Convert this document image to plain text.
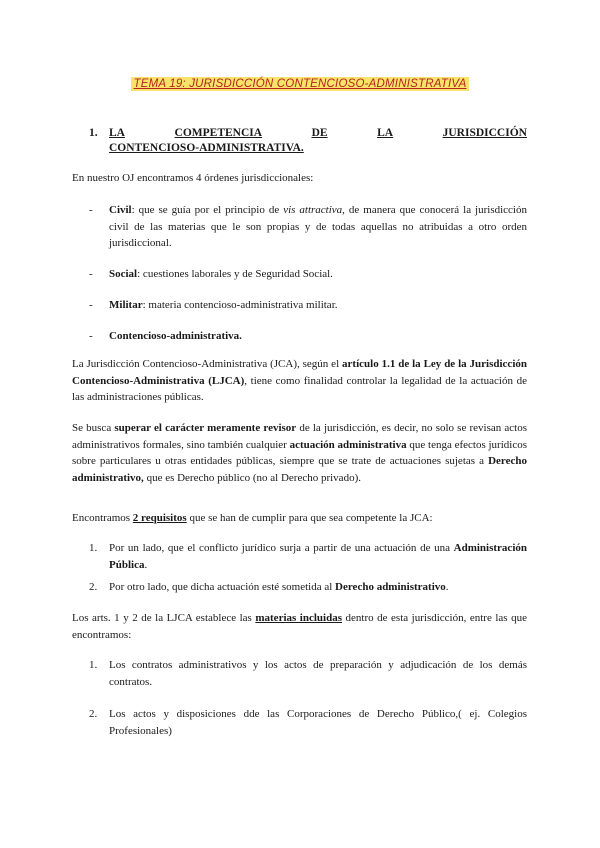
TEMA 19: JURISDICCIÓN CONTENCIOSO-ADMINISTRATIVA
1. LA	COMPETENCIA	DE	LA	JURISDICCIÓN
CONTENCIOSO-ADMINISTRATIVA.
En nuestro OJ encontramos 4 órdenes jurisdiccionales:
- Civil: que se guía por el principio de vis attractiva, de manera que conocerá la jurisdicción civil de las materias que le son propias y de todas aquellas no atribuidas a otro orden jurisdiccional.
- Social: cuestiones laborales y de Seguridad Social.
- Militar: materia contencioso-administrativa militar.
- Contencioso-administrativa.
La Jurisdicción Contencioso-Administrativa (JCA), según el artículo 1.1 de la Ley de la Jurisdicción Contencioso-Administrativa (LJCA), tiene como finalidad controlar la legalidad de la actuación de las administraciones públicas.
Se busca superar el carácter meramente revisor de la jurisdicción, es decir, no solo se revisan actos administrativos formales, sino también cualquier actuación administrativa que tenga efectos jurídicos sobre particulares u otras entidades públicas, siempre que se trate de actuaciones sujetas a Derecho administrativo, que es Derecho público (no al Derecho privado).
Encontramos 2 requisitos que se han de cumplir para que sea competente la JCA:
1. Por un lado, que el conflicto jurídico surja a partir de una actuación de una Administración Pública.
2. Por otro lado, que dicha actuación esté sometida al Derecho administrativo.
Los arts. 1 y 2 de la LJCA establece las materias incluidas dentro de esta jurisdicción, entre las que encontramos:
1. Los contratos administrativos y los actos de preparación y adjudicación de los demás contratos.
2. Los actos y disposiciones dde las Corporaciones de Derecho Público,( ej. Colegios Profesionales)
